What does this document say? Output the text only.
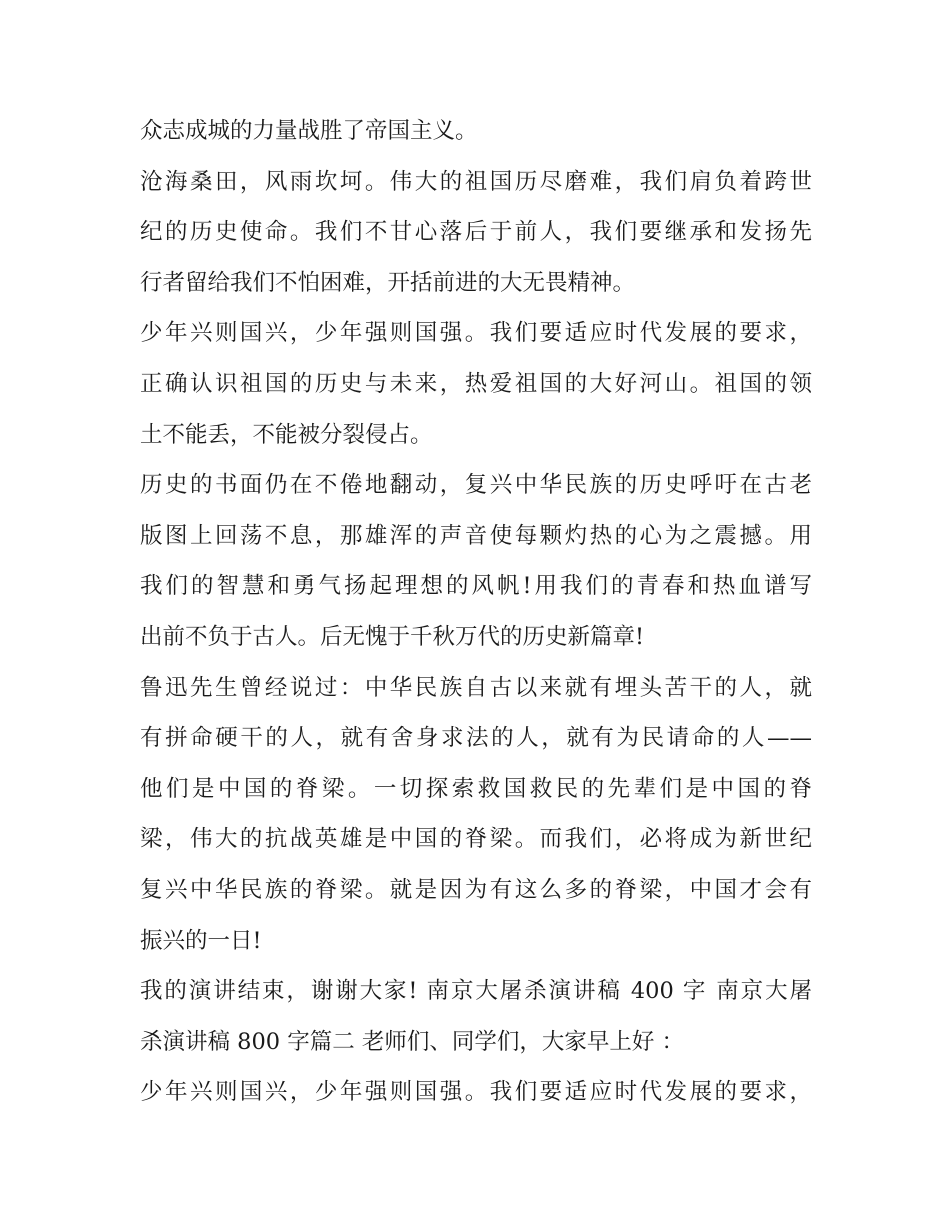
众志成城的力量战胜了帝国主义。
沧海桑田，风雨坎坷。伟大的祖国历尽磨难，我们肩负着跨世
纪的历史使命。我们不甘心落后于前人，我们要继承和发扬先
行者留给我们不怕困难，开括前进的大无畏精神。
少年兴则国兴，少年强则国强。我们要适应时代发展的要求，
正确认识祖国的历史与未来，热爱祖国的大好河山。祖国的领
土不能丢，不能被分裂侵占。
历史的书面仍在不倦地翻动，复兴中华民族的历史呼吁在古老
版图上回荡不息，那雄浑的声音使每颗灼热的心为之震撼。用
我们的智慧和勇气扬起理想的风帆!用我们的青春和热血谱写
出前不负于古人。后无愧于千秋万代的历史新篇章!
鲁迅先生曾经说过：中华民族自古以来就有埋头苦干的人，就
有拼命硬干的人，就有舍身求法的人，就有为民请命的人——
他们是中国的脊梁。一切探索救国救民的先辈们是中国的脊
梁，伟大的抗战英雄是中国的脊梁。而我们，必将成为新世纪
复兴中华民族的脊梁。就是因为有这么多的脊梁，中国才会有
振兴的一日!
我的演讲结束，谢谢大家! 南京大屠杀演讲稿 400 字 南京大屠
杀演讲稿 800 字篇二 老师们、同学们，大家早上好 ：
少年兴则国兴，少年强则国强。我们要适应时代发展的要求，
